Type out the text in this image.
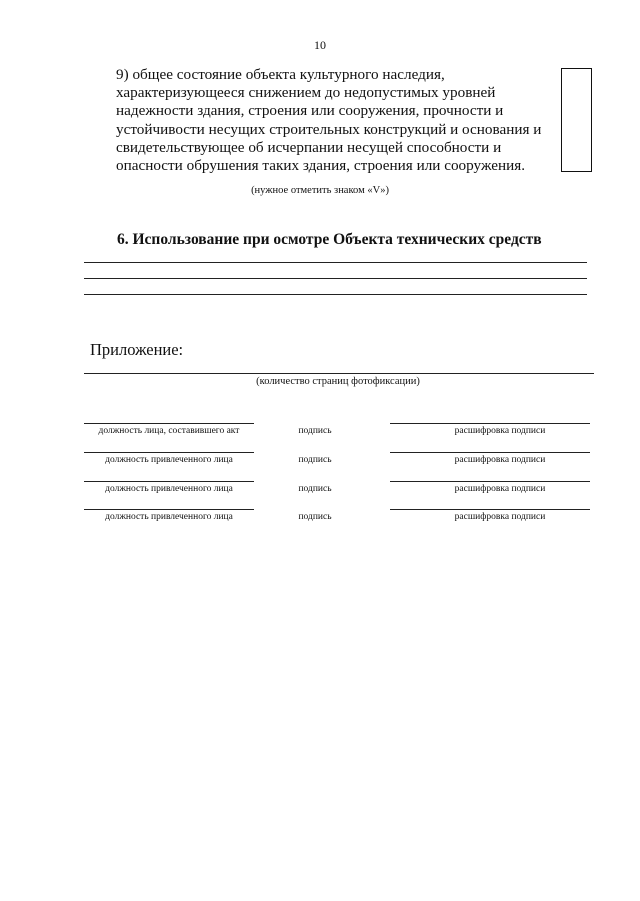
10
9) общее состояние объекта культурного наследия,
характеризующееся снижением до недопустимых уровней
надежности здания, строения или сооружения, прочности и
устойчивости несущих строительных конструкций и основания и
свидетельствующее об исчерпании несущей способности и
опасности обрушения таких здания, строения или сооружения.
(нужное отметить знаком «V»)
6. Использование при осмотре Объекта технических средств
Приложение:
(количество страниц фотофиксации)
должность лица, составившего акт	подпись	расшифровка подписи
должность привлеченного лица	подпись	расшифровка подписи
должность привлеченного лица	подпись	расшифровка подписи
должность привлеченного лица	подпись	расшифровка подписи
